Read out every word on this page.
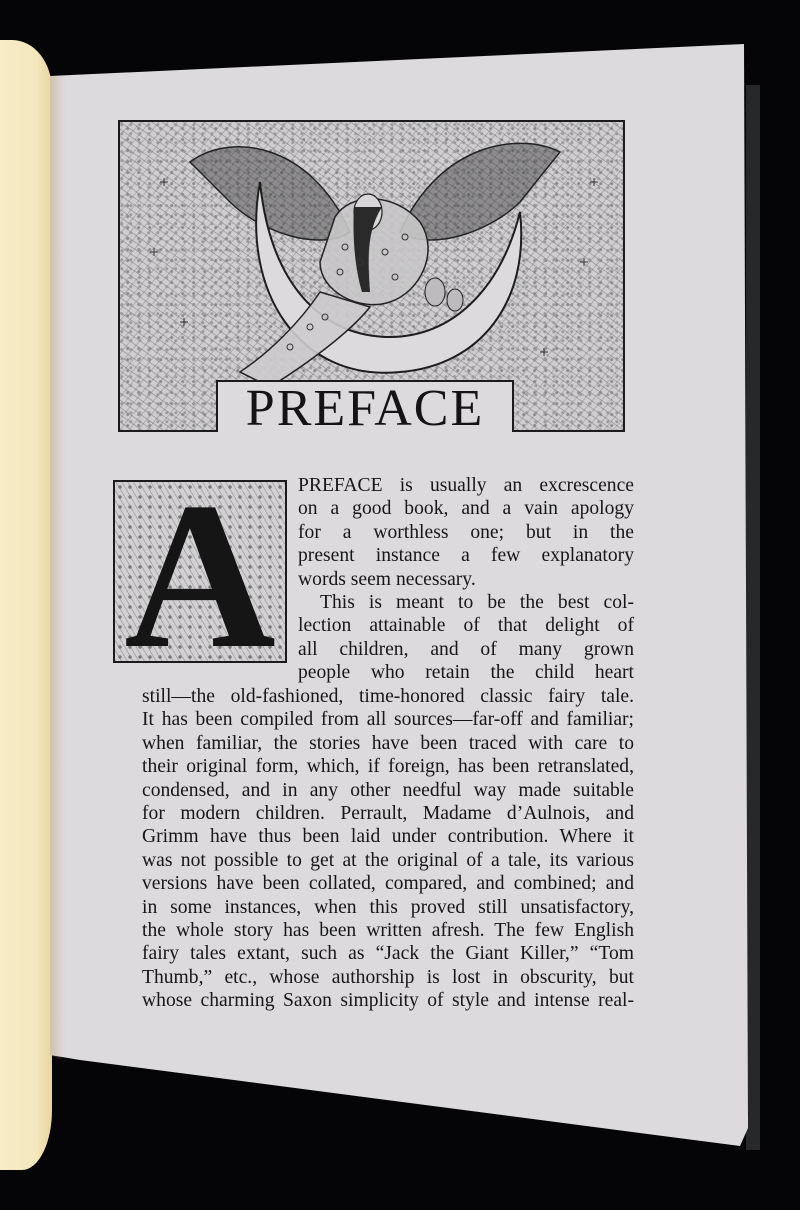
PREFACE
A	PREFACE is usually an excrescence
on a good book, and a vain apology
for a worthless one; but in the
present instance a few explanatory
words seem necessary.
This is meant to be the best col-
lection attainable of that delight of
all children, and of many grown
people who retain the child heart
still—the old-fashioned, time-honored classic fairy tale.
It has been compiled from all sources—far-off and familiar;
when familiar, the stories have been traced with care to
their original form, which, if foreign, has been retranslated,
condensed, and in any other needful way made suitable
for modern children. Perrault, Madame d’Aulnois, and
Grimm have thus been laid under contribution. Where it
was not possible to get at the original of a tale, its various
versions have been collated, compared, and combined; and
in some instances, when this proved still unsatisfactory,
the whole story has been written afresh. The few English
fairy tales extant, such as “Jack the Giant Killer,” “Tom
Thumb,” etc., whose authorship is lost in obscurity, but
whose charming Saxon simplicity of style and intense real-
